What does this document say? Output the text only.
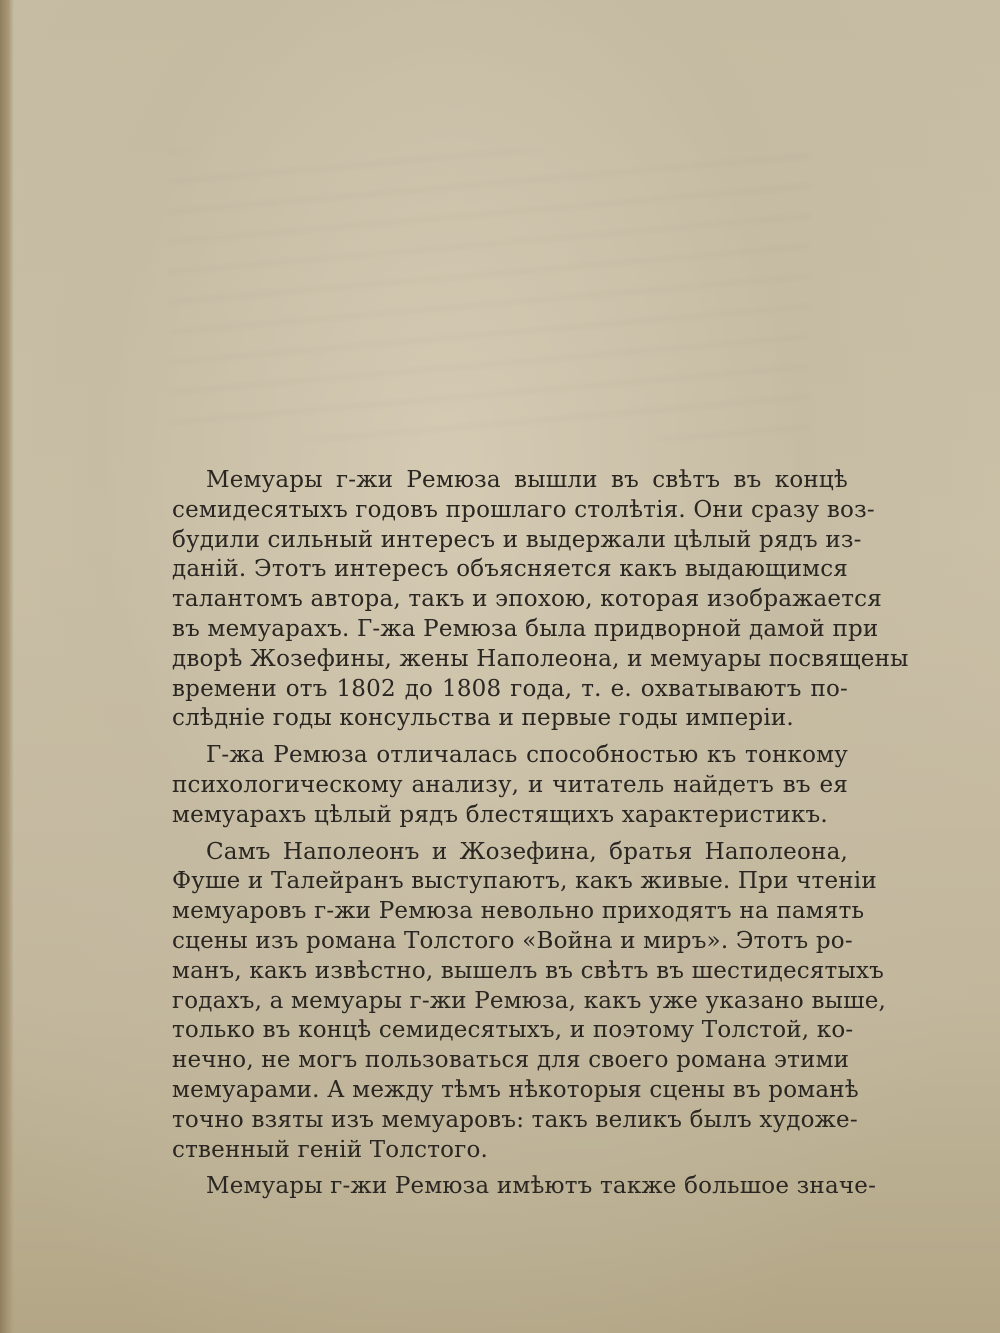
Мемуары г-жи Ремюза вышли въ свѣтъ въ концѣ
семидесятыхъ годовъ прошлаго столѣтія. Они сразу воз-
будили сильный интересъ и выдержали цѣлый рядъ из-
даній. Этотъ интересъ объясняется какъ выдающимся
талантомъ автора, такъ и эпохою, которая изображается
въ мемуарахъ. Г-жа Ремюза была придворной дамой при
дворѣ Жозефины, жены Наполеона, и мемуары посвящены
времени отъ 1802 до 1808 года, т. е. охватываютъ по-
слѣдніе годы консульства и первые годы имперіи.
Г-жа Ремюза отличалась способностью къ тонкому
психологическому анализу, и читатель найдетъ въ ея
мемуарахъ цѣлый рядъ блестящихъ характеристикъ.
Самъ Наполеонъ и Жозефина, братья Наполеона,
Фуше и Талейранъ выступаютъ, какъ живые. При чтеніи
мемуаровъ г-жи Ремюза невольно приходятъ на память
сцены изъ романа Толстого «Война и миръ». Этотъ ро-
манъ, какъ извѣстно, вышелъ въ свѣтъ въ шестидесятыхъ
годахъ, а мемуары г-жи Ремюза, какъ уже указано выше,
только въ концѣ семидесятыхъ, и поэтому Толстой, ко-
нечно, не могъ пользоваться для своего романа этими
мемуарами. А между тѣмъ нѣкоторыя сцены въ романѣ
точно взяты изъ мемуаровъ: такъ великъ былъ художе-
ственный геній Толстого.
Мемуары г-жи Ремюза имѣютъ также большое значе-
